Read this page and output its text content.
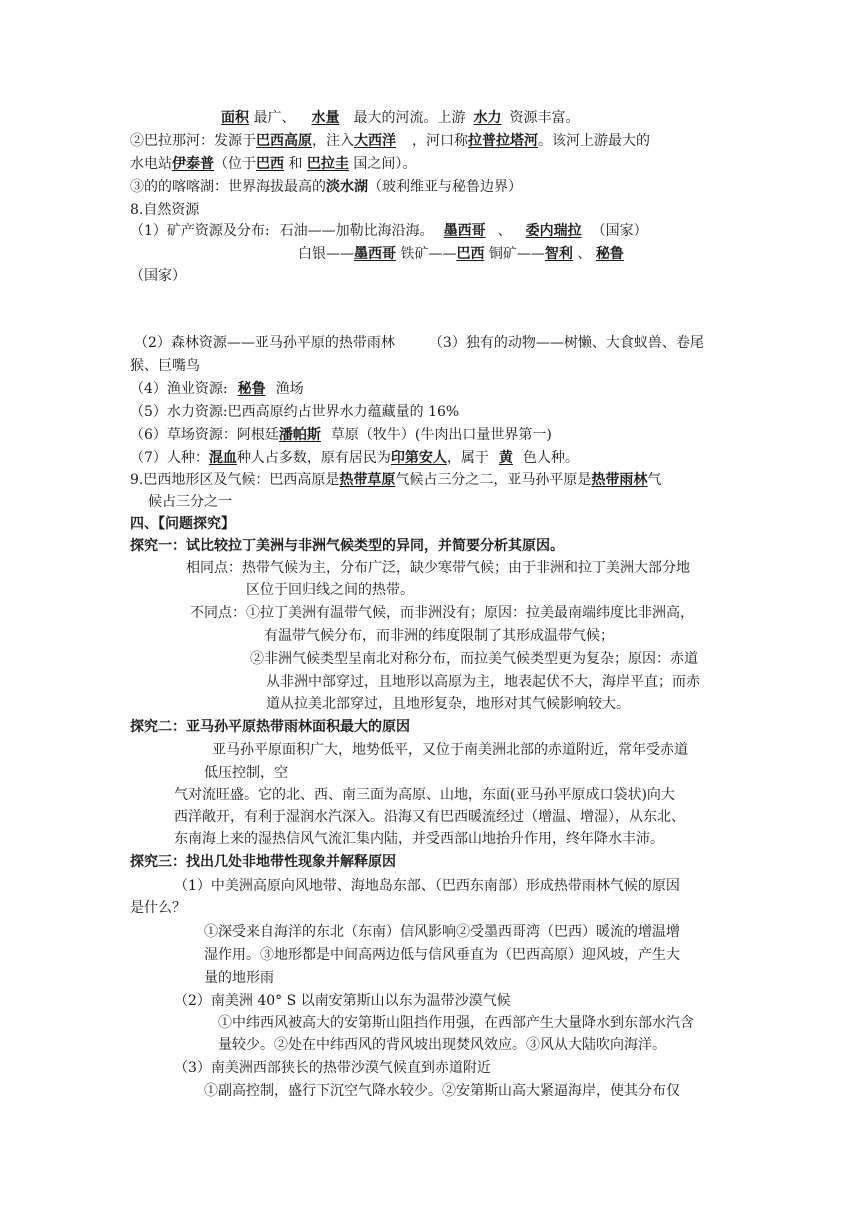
面积 最广、 水量 最大的河流。上游 水力 资源丰富。
②巴拉那河：发源于巴西高原，注入大西洋 ，河口称拉普拉塔河。该河上游最大的
水电站伊泰普（位于巴西 和 巴拉圭 国之间）。
③的的喀喀湖：世界海拔最高的淡水湖（玻利维亚与秘鲁边界）
8.自然资源
（1）矿产资源及分布: 石油——加勒比海沿海。 墨西哥 、 委内瑞拉 （国家）
白银——墨西哥 铁矿——巴西 铜矿——智利 、 秘鲁
（国家）
（2）森林资源——亚马孙平原的热带雨林 （3）独有的动物——树懒、大食蚁兽、卷尾
猴、巨嘴鸟
（4）渔业资源: 秘鲁 渔场
（5）水力资源:巴西高原约占世界水力蕴藏量的 16%
（6）草场资源：阿根廷潘帕斯 草原（牧牛）(牛肉出口量世界第一)
（7）人种：混血种人占多数，原有居民为印第安人，属于 黄 色人种。
9.巴西地形区及气候：巴西高原是热带草原气候占三分之二，亚马孙平原是热带雨林气
候占三分之一
四、【问题探究】
探究一：试比较拉丁美洲与非洲气候类型的异同，并简要分析其原因。
相同点：热带气候为主，分布广泛，缺少寒带气候；由于非洲和拉丁美洲大部分地
区位于回归线之间的热带。
不同点：①拉丁美洲有温带气候，而非洲没有；原因：拉美最南端纬度比非洲高，
有温带气候分布，而非洲的纬度限制了其形成温带气候；
②非洲气候类型呈南北对称分布，而拉美气候类型更为复杂；原因：赤道
从非洲中部穿过，且地形以高原为主，地表起伏不大，海岸平直；而赤
道从拉美北部穿过，且地形复杂，地形对其气候影响较大。
探究二：亚马孙平原热带雨林面积最大的原因
亚马孙平原面积广大，地势低平，又位于南美洲北部的赤道附近，常年受赤道
低压控制，空
气对流旺盛。它的北、西、南三面为高原、山地，东面(亚马孙平原成口袋状)向大
西洋敞开，有利于湿润水汽深入。沿海又有巴西暖流经过（增温、增湿），从东北、
东南海上来的湿热信风气流汇集内陆，并受西部山地抬升作用，终年降水丰沛。
探究三：找出几处非地带性现象并解释原因
（1）中美洲高原向风地带、海地岛东部、（巴西东南部）形成热带雨林气候的原因
是什么？
①深受来自海洋的东北（东南）信风影响②受墨西哥湾（巴西）暖流的增温增
湿作用。③地形都是中间高两边低与信风垂直为（巴西高原）迎风坡，产生大
量的地形雨
（2）南美洲 40° S 以南安第斯山以东为温带沙漠气候
①中纬西风被高大的安第斯山阻挡作用强，在西部产生大量降水到东部水汽含
量较少。②处在中纬西风的背风坡出现焚风效应。③风从大陆吹向海洋。
（3）南美洲西部狭长的热带沙漠气候直到赤道附近
①副高控制，盛行下沉空气降水较少。②安第斯山高大紧逼海岸，使其分布仅
